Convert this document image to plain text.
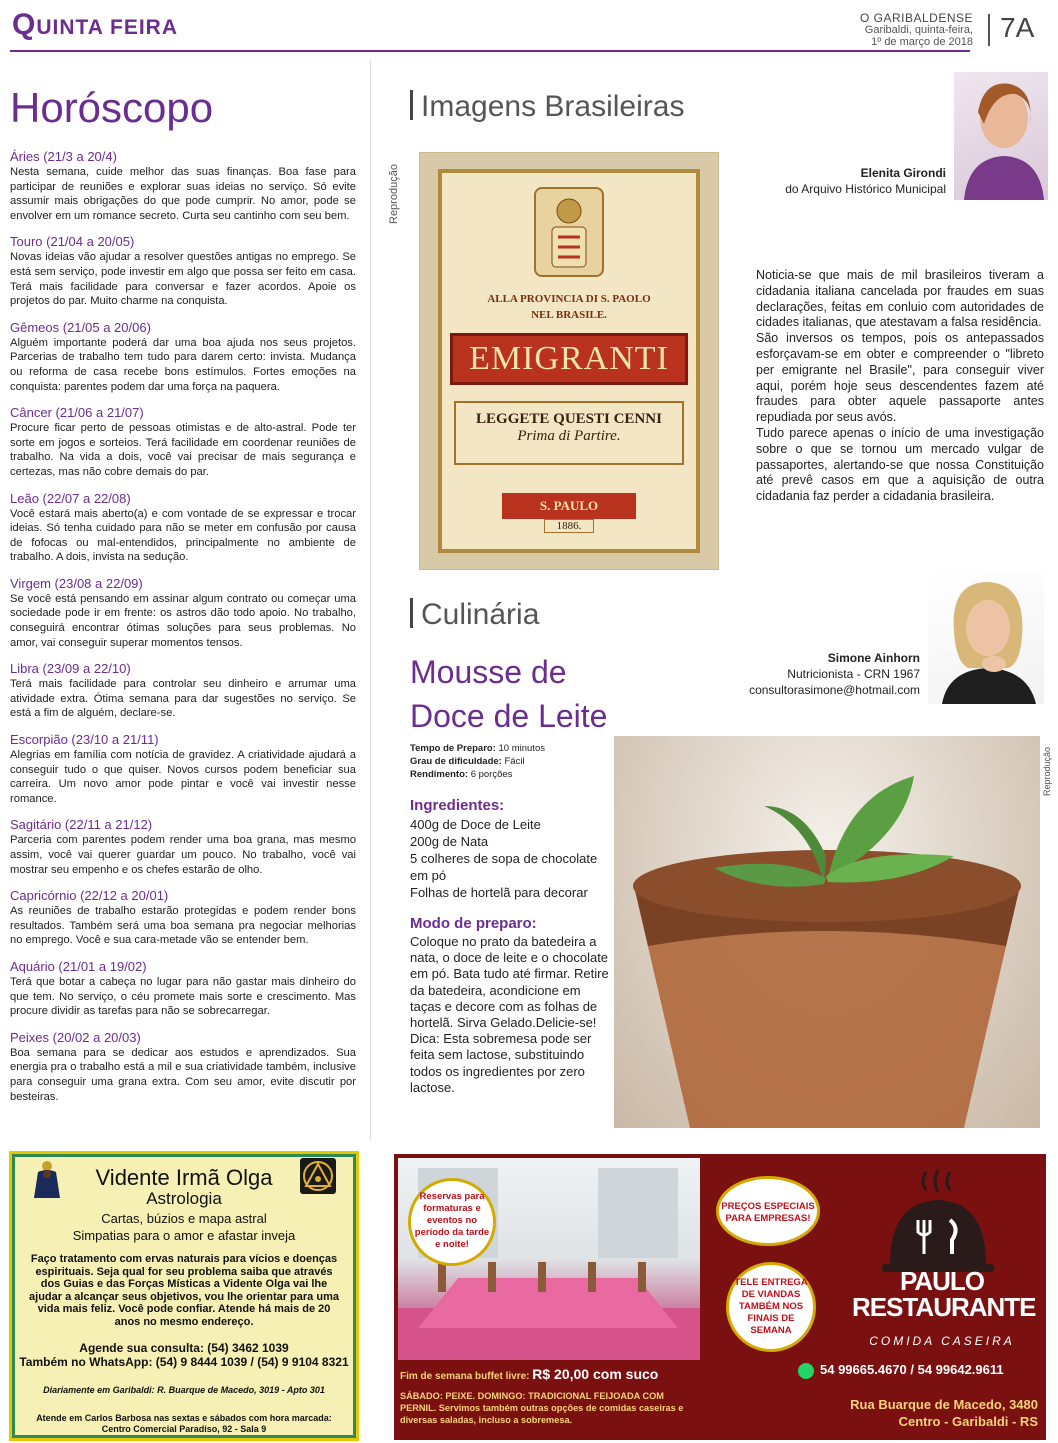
QUINTA FEIRA	O GARIBALDENSE
Garibaldi, quinta-feira,
1º de março de 2018 7A
Horóscopo
Áries (21/3 a 20/4)

Nesta semana, cuide melhor das suas finanças. Boa fase para participar de reuniões e explorar suas ideias no serviço. Só evite assumir mais obrigações do que pode cumprir. No amor, pode se envolver em um romance secreto. Curta seu cantinho com seu bem.

Touro (21/04 a 20/05)

Novas ideias vão ajudar a resolver questões antigas no emprego. Se está sem serviço, pode investir em algo que possa ser feito em casa. Terá mais facilidade para conversar e fazer acordos. Apoie os projetos do par. Muito charme na conquista.

Gêmeos (21/05 a 20/06)

Alguém importante poderá dar uma boa ajuda nos seus projetos. Parcerias de trabalho tem tudo para darem certo: invista. Mudança ou reforma de casa recebe bons estímulos. Fortes emoções na conquista: parentes podem dar uma força na paquera.

Câncer (21/06 a 21/07)

Procure ficar perto de pessoas otimistas e de alto-astral. Pode ter sorte em jogos e sorteios. Terá facilidade em coordenar reuniões de trabalho. Na vida a dois, você vai precisar de mais segurança e certezas, mas não cobre demais do par.

Leão (22/07 a 22/08)

Você estará mais aberto(a) e com vontade de se expressar e trocar ideias. Só tenha cuidado para não se meter em confusão por causa de fofocas ou mal-entendidos, principalmente no ambiente de trabalho. A dois, invista na sedução.

Virgem (23/08 a 22/09)

Se você está pensando em assinar algum contrato ou começar uma sociedade pode ir em frente: os astros dão todo apoio. No trabalho, conseguirá encontrar ótimas soluções para seus problemas. No amor, vai conseguir superar momentos tensos.

Libra (23/09 a 22/10)

Terá mais facilidade para controlar seu dinheiro e arrumar uma atividade extra. Ótima semana para dar sugestões no serviço. Se está a fim de alguém, declare-se.

Escorpião (23/10 a 21/11)

Alegrias em família com notícia de gravidez. A criatividade ajudará a conseguir tudo o que quiser. Novos cursos podem beneficiar sua carreira. Um novo amor pode pintar e você vai investir nesse romance.

Sagitário (22/11 a 21/12)

Parceria com parentes podem render uma boa grana, mas mesmo assim, você vai querer guardar um pouco. No trabalho, você vai mostrar seu empenho e os chefes estarão de olho.

Capricórnio (22/12 a 20/01)

As reuniões de trabalho estarão protegidas e podem render bons resultados. Também será uma boa semana pra negociar melhorias no emprego. Você e sua cara-metade vão se entender bem.

Aquário (21/01 a 19/02)

Terá que botar a cabeça no lugar para não gastar mais dinheiro do que tem. No serviço, o céu promete mais sorte e crescimento. Mas procure dividir as tarefas para não se sobrecarregar.

Peixes (20/02 a 20/03)

Boa semana para se dedicar aos estudos e aprendizados. Sua energia pra o trabalho está a mil e sua criatividade também, inclusive para conseguir uma grana extra. Com seu amor, evite discutir por besteiras.

Imagens Brasileiras
Reprodução
ALLA PROVINCIA DI S. PAOLO
NEL BRASILE.
EMIGRANTI
LEGGETE QUESTI CENNI
Prima di Partire.
S. PAULO
1886.
Elenita Girondi
do Arquivo Histórico Municipal

Noticia-se que mais de mil brasileiros tiveram a cidadania italiana cancelada por fraudes em suas declarações, feitas em conluio com autoridades de cidades italianas, que atestavam a falsa residência.

São inversos os tempos, pois os antepassados esforçavam-se em obter e compreender o "libreto per emigrante nel Brasile", para conseguir viver aqui, porém hoje seus descendentes fazem até fraudes para obter aquele passaporte antes repudiada por seus avós.

Tudo parece apenas o início de uma investigação sobre o que se tornou um mercado vulgar de passaportes, alertando-se que nossa Constituição até prevê casos em que a aquisição de outra cidadania faz perder a cidadania brasileira.

Culinária
Simone Ainhorn
Nutricionista - CRN 1967
consultorasimone@hotmail.com
Mousse de
Doce de Leite
Tempo de Preparo: 10 minutos
Grau de dificuldade: Fácil
Rendimento: 6 porções
Ingredientes:
400g de Doce de Leite
200g de Nata
5 colheres de sopa de chocolate em pó
Folhas de hortelã para decorar
Modo de preparo:
Coloque no prato da batedeira a nata, o doce de leite e o chocolate em pó. Bata tudo até firmar. Retire da batedeira, acondicione em taças e decore com as folhas de hortelã. Sirva Gelado.Delicie-se!
Dica: Esta sobremesa pode ser feita sem lactose, substituindo todos os ingredientes por zero lactose.
Reprodução
Vidente Irmã Olga
Astrologia
Cartas, búzios e mapa astral
Simpatias para o amor e afastar inveja
Faço tratamento com ervas naturais para vícios e doenças espirituais. Seja qual for seu problema saiba que através dos Guias e das Forças Místicas a Vidente Olga vai lhe ajudar a alcançar seus objetivos, vou lhe orientar para uma vida mais feliz. Você pode confiar. Atende há mais de 20 anos no mesmo endereço.
Agende sua consulta: (54) 3462 1039
Também no WhatsApp: (54) 9 8444 1039 / (54) 9 9104 8321
Diariamente em Garibaldi: R. Buarque de Macedo, 3019 - Apto 301
Atende em Carlos Barbosa nas sextas e sábados com hora marcada:
Centro Comercial Paradiso, 92 - Sala 9
Reservas para formaturas e eventos no período da tarde e noite!
PREÇOS ESPECIAIS PARA EMPRESAS!
TELE ENTREGA DE VIANDAS TAMBÉM NOS FINAIS DE SEMANA
PAULO
RESTAURANTE
COMIDA CASEIRA
Fim de semana buffet livre: R$ 20,00 com suco
SÁBADO: PEIXE. DOMINGO: TRADICIONAL FEIJOADA COM PERNIL. Servimos também outras opções de comidas caseiras e diversas saladas, incluso a sobremesa.
54 99665.4670 / 54 99642.9611
Rua Buarque de Macedo, 3480
Centro - Garibaldi - RS
